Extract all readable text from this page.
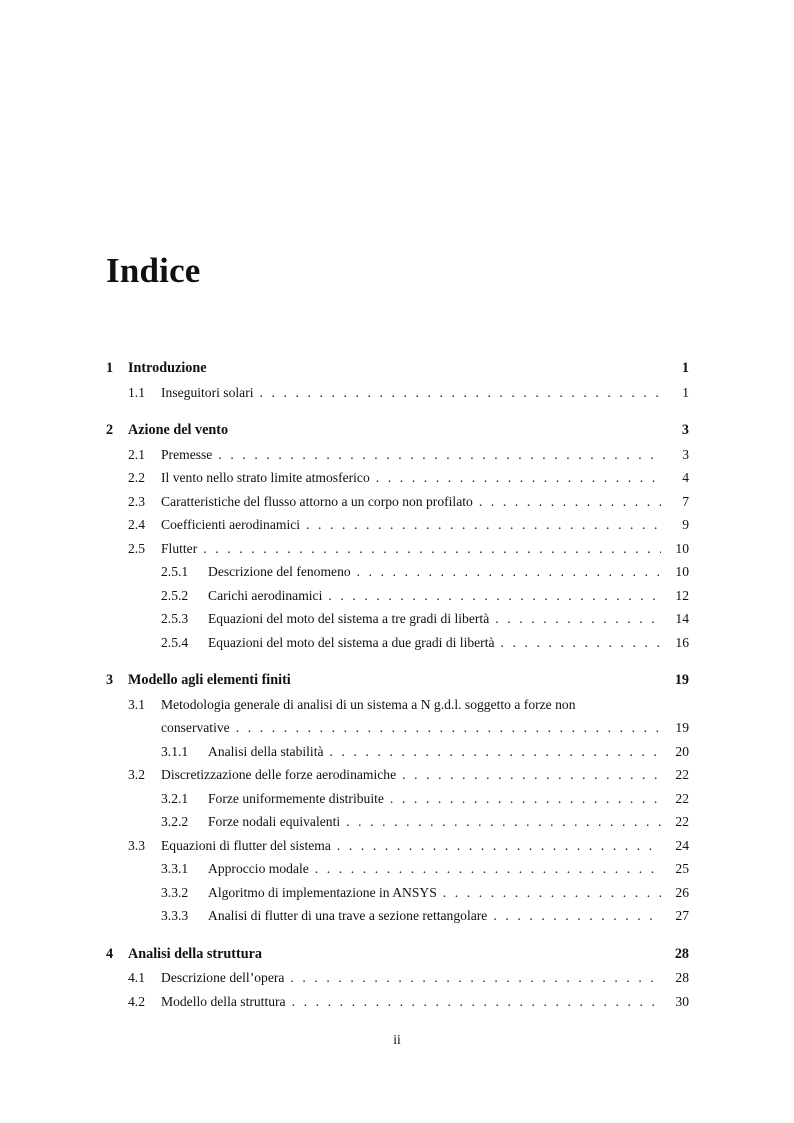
Indice
1 Introduzione	1
1.1 Inseguitori solari . . .	1
2 Azione del vento	3
2.1 Premesse . . .	3
2.2 Il vento nello strato limite atmosferico . . .	4
2.3 Caratteristiche del flusso attorno a un corpo non profilato . . .	7
2.4 Coefficienti aerodinamici . . .	9
2.5 Flutter . . .	10
2.5.1 Descrizione del fenomeno . . .	10
2.5.2 Carichi aerodinamici . . .	12
2.5.3 Equazioni del moto del sistema a tre gradi di libertà . . .	14
2.5.4 Equazioni del moto del sistema a due gradi di libertà . . .	16
3 Modello agli elementi finiti	19
3.1 Metodologia generale di analisi di un sistema a N g.d.l. soggetto a forze non
conservative . . .	19
3.1.1 Analisi della stabilità . . .	20
3.2 Discretizzazione delle forze aerodinamiche . . .	22
3.2.1 Forze uniformemente distribuite . . .	22
3.2.2 Forze nodali equivalenti . . .	22
3.3 Equazioni di flutter del sistema . . .	24
3.3.1 Approccio modale . . .	25
3.3.2 Algoritmo di implementazione in ANSYS . . .	26
3.3.3 Analisi di flutter di una trave a sezione rettangolare . . .	27
4 Analisi della struttura	28
4.1 Descrizione dell’opera . . .	28
4.2 Modello della struttura . . .	30
ii
